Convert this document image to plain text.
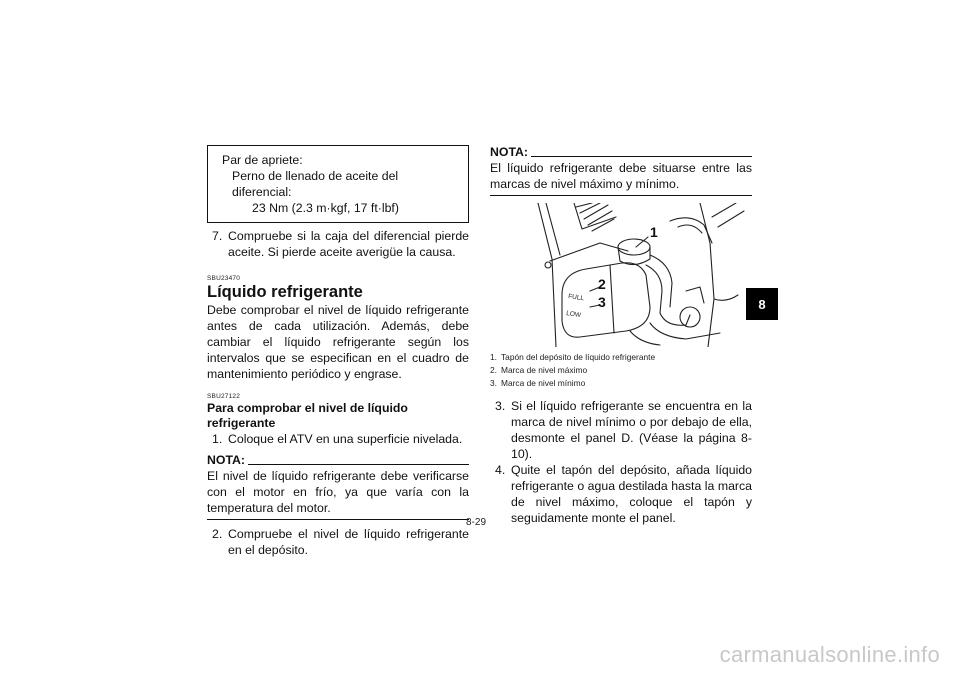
Par de apriete:
Perno de llenado de aceite del diferencial:
23 Nm (2.3 m·kgf, 17 ft·lbf)
7. Compruebe si la caja del diferencial pierde aceite. Si pierde aceite averigüe la causa.
SBU23470
Líquido refrigerante
Debe comprobar el nivel de líquido refrigerante antes de cada utilización. Además, debe cambiar el líquido refrigerante según los intervalos que se especifican en el cuadro de mantenimiento periódico y engrase.
SBU27122
Para comprobar el nivel de líquido refrigerante
1. Coloque el ATV en una superficie nivelada.
NOTA:
El nivel de líquido refrigerante debe verificarse con el motor en frío, ya que varía con la temperatura del motor.
2. Compruebe el nivel de líquido refrigerante en el depósito.
NOTA:
El líquido refrigerante debe situarse entre las marcas de nivel máximo y mínimo.
FULL
LOW
1
2
3
1. Tapón del depósito de líquido refrigerante
2. Marca de nivel máximo
3. Marca de nivel mínimo
3. Si el líquido refrigerante se encuentra en la marca de nivel mínimo o por debajo de ella, desmonte el panel D. (Véase la página 8-10).
4. Quite el tapón del depósito, añada líquido refrigerante o agua destilada hasta la marca de nivel máximo, coloque el tapón y seguidamente monte el panel.
8-29
8
carmanualsonline.info
